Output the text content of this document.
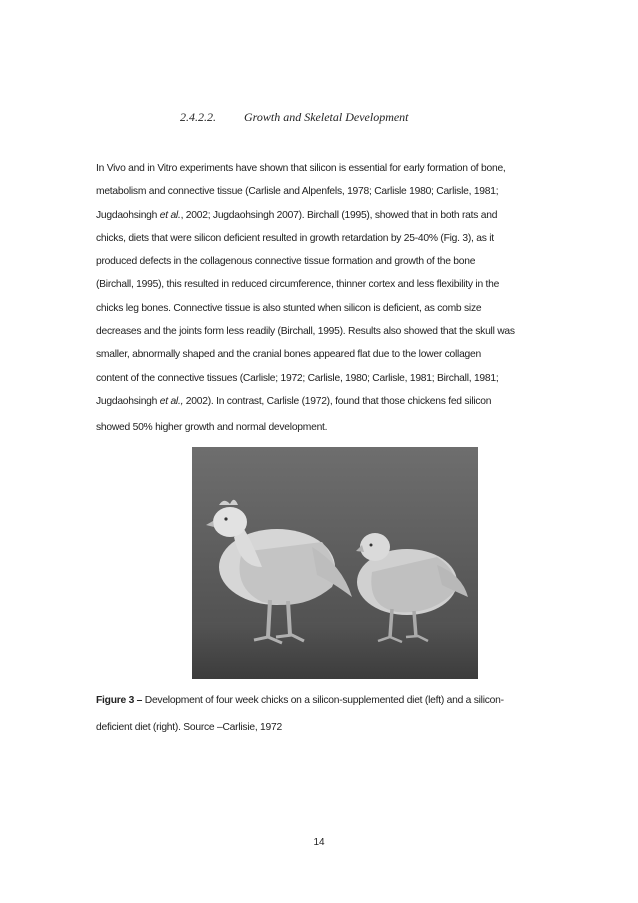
2.4.2.2. Growth and Skeletal Development
In Vivo and in Vitro experiments have shown that silicon is essential for early formation of bone,
metabolism and connective tissue (Carlisle and Alpenfels, 1978; Carlisle 1980; Carlisle, 1981;
Jugdaohsingh et al., 2002; Jugdaohsingh 2007). Birchall (1995), showed that in both rats and
chicks, diets that were silicon deficient resulted in growth retardation by 25-40% (Fig. 3), as it
produced defects in the collagenous connective tissue formation and growth of the bone
(Birchall, 1995), this resulted in reduced circumference, thinner cortex and less flexibility in the
chicks leg bones. Connective tissue is also stunted when silicon is deficient, as comb size
decreases and the joints form less readily (Birchall, 1995). Results also showed that the skull was
smaller, abnormally shaped and the cranial bones appeared flat due to the lower collagen
content of the connective tissues (Carlisle; 1972; Carlisle, 1980; Carlisle, 1981; Birchall, 1981;
Jugdaohsingh et al., 2002). In contrast, Carlisle (1972), found that those chickens fed silicon
showed 50% higher growth and normal development.
Figure 3 – Development of four week chicks on a silicon-supplemented diet (left) and a silicon-
deficient diet (right). Source –Carlisie, 1972
14
